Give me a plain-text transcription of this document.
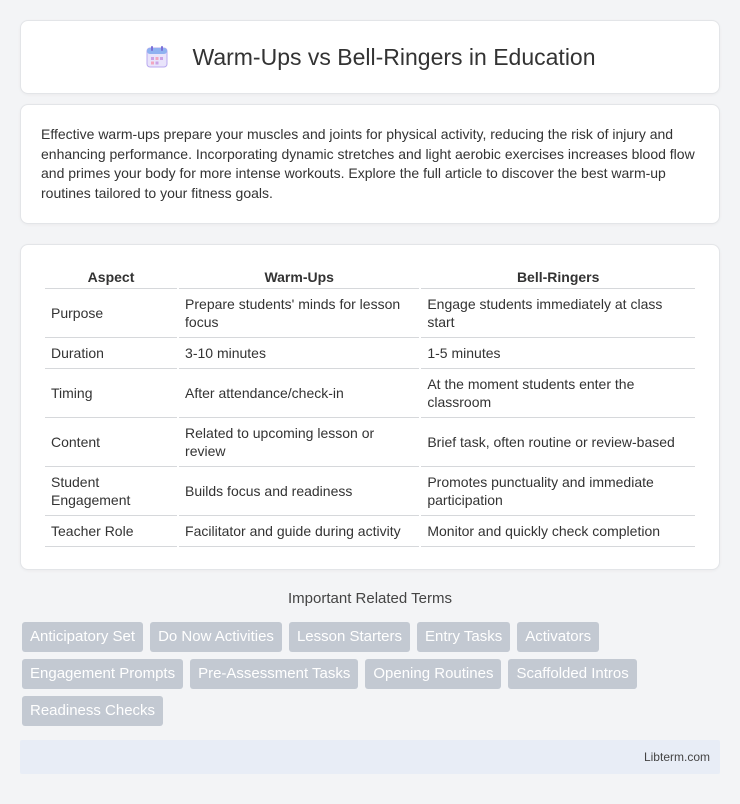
Warm-Ups vs Bell-Ringers in Education

Effective warm-ups prepare your muscles and joints for physical activity, reducing the risk of injury and enhancing performance. Incorporating dynamic stretches and light aerobic exercises increases blood flow and primes your body for more intense workouts. Explore the full article to discover the best warm-up routines tailored to your fitness goals.

Aspect	Warm-Ups	Bell-Ringers
Purpose	Prepare students' minds for lesson focus	Engage students immediately at class start
Duration	3-10 minutes	1-5 minutes
Timing	After attendance/check-in	At the moment students enter the classroom
Content	Related to upcoming lesson or review	Brief task, often routine or review-based
Student Engagement	Builds focus and readiness	Promotes punctuality and immediate participation
Teacher Role	Facilitator and guide during activity	Monitor and quickly check completion
Important Related Terms
Anticipatory Set	Do Now Activities	Lesson Starters	Entry Tasks	Activators
Engagement Prompts	Pre-Assessment Tasks	Opening Routines	Scaffolded Intros
Readiness Checks
Libterm.com
